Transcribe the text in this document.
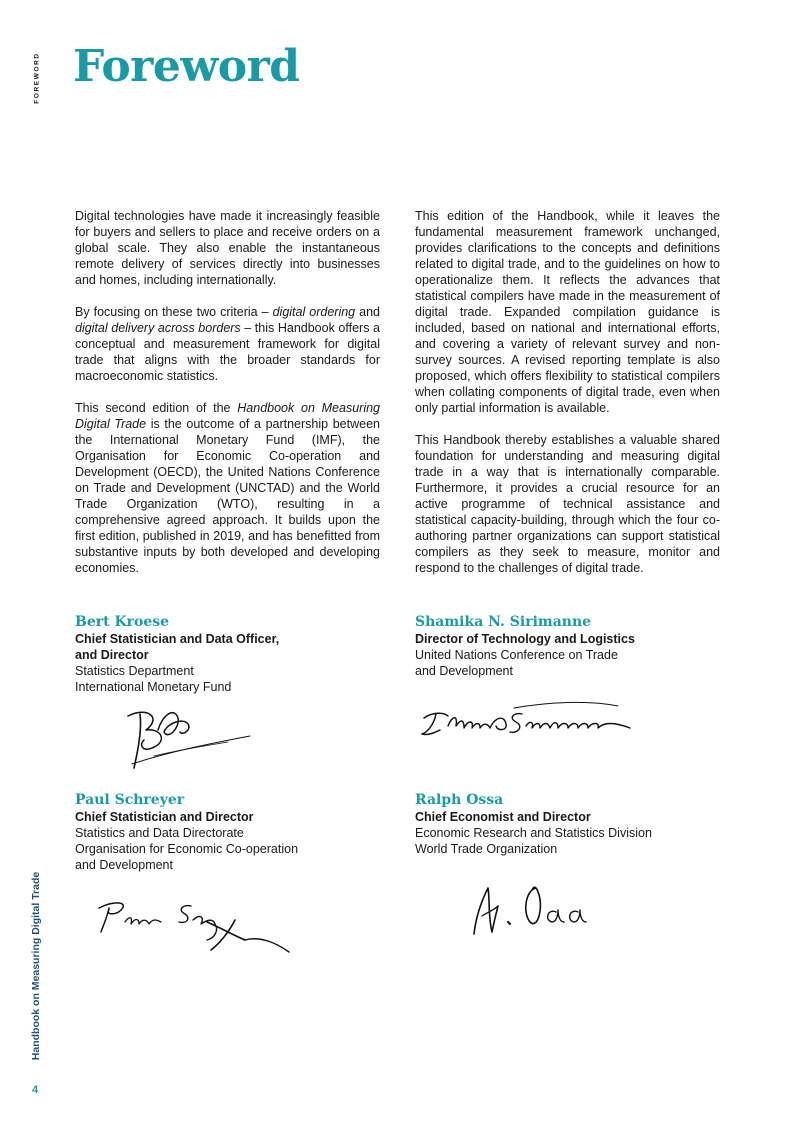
FOREWORD
Handbook on Measuring Digital Trade
4
Foreword

Digital technologies have made it increasingly feasible for buyers and sellers to place and receive orders on a global scale. They also enable the instantaneous remote delivery of services directly into businesses and homes, including internationally.

By focusing on these two criteria – digital ordering and digital delivery across borders – this Handbook offers a conceptual and measurement framework for digital trade that aligns with the broader standards for macroeconomic statistics.

This second edition of the Handbook on Measuring Digital Trade is the outcome of a partnership between the International Monetary Fund (IMF), the Organisation for Economic Co-operation and Development (OECD), the United Nations Conference on Trade and Development (UNCTAD) and the World Trade Organization (WTO), resulting in a comprehensive agreed approach. It builds upon the first edition, published in 2019, and has benefitted from substantive inputs by both developed and developing economies.

This edition of the Handbook, while it leaves the fundamental measurement framework unchanged, provides clarifications to the concepts and definitions related to digital trade, and to the guidelines on how to operationalize them. It reflects the advances that statistical compilers have made in the measurement of digital trade. Expanded compilation guidance is included, based on national and international efforts, and covering a variety of relevant survey and non-survey sources. A revised reporting template is also proposed, which offers flexibility to statistical compilers when collating components of digital trade, even when only partial information is available.

This Handbook thereby establishes a valuable shared foundation for understanding and measuring digital trade in a way that is internationally comparable. Furthermore, it provides a crucial resource for an active programme of technical assistance and statistical capacity-building, through which the four co-authoring partner organizations can support statistical compilers as they seek to measure, monitor and respond to the challenges of digital trade.

Bert Kroese
Chief Statistician and Data Officer,
and Director
Statistics Department
International Monetary Fund
Shamika N. Sirimanne
Director of Technology and Logistics
United Nations Conference on Trade
and Development
Paul Schreyer
Chief Statistician and Director
Statistics and Data Directorate
Organisation for Economic Co-operation
and Development
Ralph Ossa
Chief Economist and Director
Economic Research and Statistics Division
World Trade Organization
